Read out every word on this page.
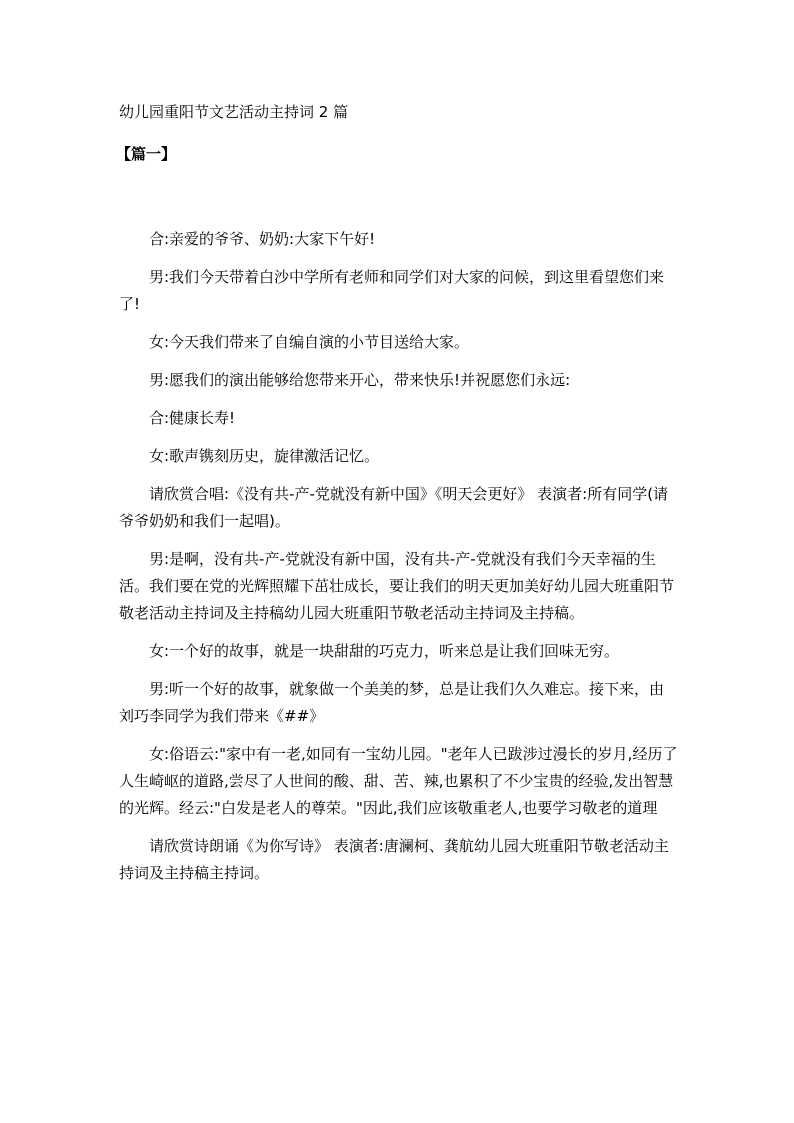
幼儿园重阳节文艺活动主持词 2 篇
【篇一】

合:亲爱的爷爷、奶奶:大家下午好!

男:我们今天带着白沙中学所有老师和同学们对大家的问候，到这里看望您们来了!

女:今天我们带来了自编自演的小节目送给大家。

男:愿我们的演出能够给您带来开心，带来快乐!并祝愿您们永远:

合:健康长寿!

女:歌声镌刻历史，旋律激活记忆。

请欣赏合唱:《没有共-产-党就没有新中国》《明天会更好》 表演者:所有同学(请爷爷奶奶和我们一起唱)。

男:是啊，没有共-产-党就没有新中国，没有共-产-党就没有我们今天幸福的生活。我们要在党的光辉照耀下茁壮成长，要让我们的明天更加美好幼儿园大班重阳节敬老活动主持词及主持稿幼儿园大班重阳节敬老活动主持词及主持稿。

女:一个好的故事，就是一块甜甜的巧克力，听来总是让我们回味无穷。

男:听一个好的故事，就象做一个美美的梦，总是让我们久久难忘。接下来，由刘巧李同学为我们带来《##》

女:俗语云:"家中有一老,如同有一宝幼儿园。"老年人已跋涉过漫长的岁月,经历了人生崎岖的道路,尝尽了人世间的酸、甜、苦、辣,也累积了不少宝贵的经验,发出智慧的光辉。经云:"白发是老人的尊荣。"因此,我们应该敬重老人,也要学习敬老的道理

请欣赏诗朗诵《为你写诗》 表演者:唐澜柯、龚航幼儿园大班重阳节敬老活动主持词及主持稿主持词。
